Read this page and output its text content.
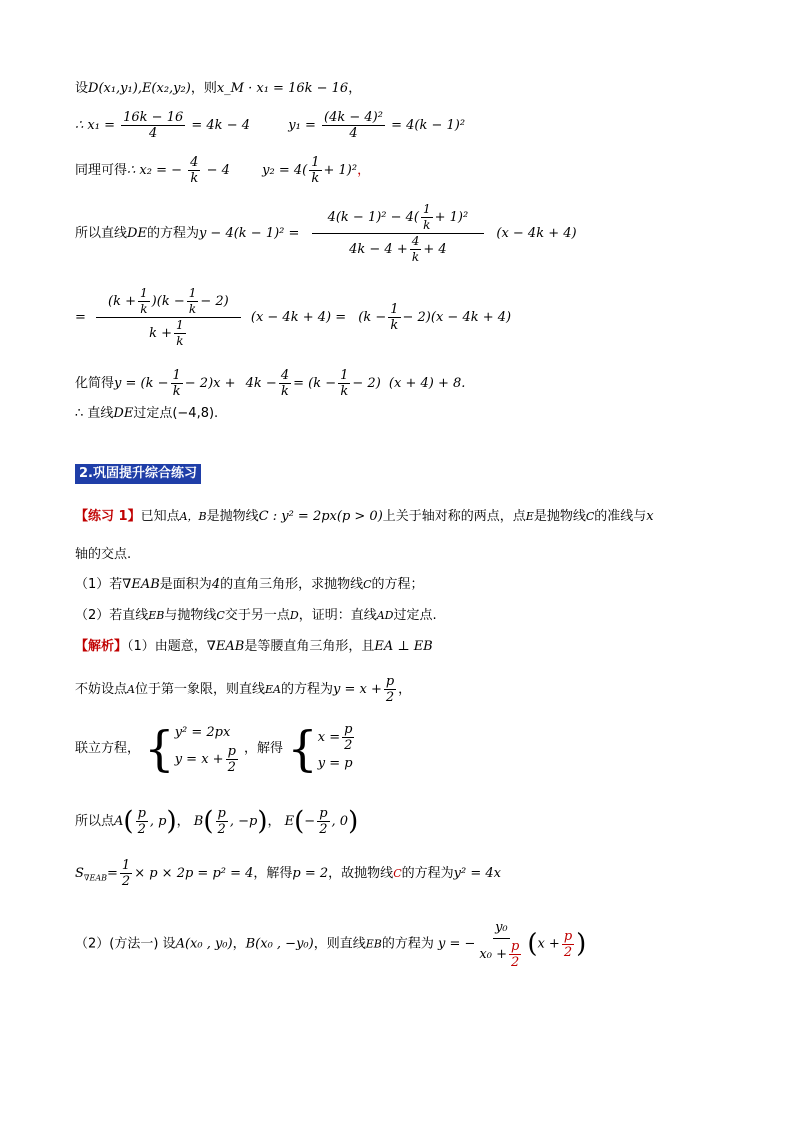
设D(x₁,y₁),E(x₂,y₂)，则x_M · x₁ = 16k − 16，
∴ $x_1 = \frac{16k - 16}{4} = 4k - 4$	$y_1 = \frac{\text{(4k − 4)²}}{4} = 4(k - 1)^2$
同理可得∴ x₂ = − $\frac{4}{k} - 4$ $y_2 = 4( \frac{1}{k} + 1)^2$，
所以直线DE的方程为$y - 4(k - 1)^2 = \frac{4(k - 1)^2 - 4( \frac{1}{k} + 1)^2}{4k - 4 + \frac{4}{k} + 4} (x - 4k + 4)$
= $\frac{(k + \frac{1}{k} )(k - \frac{1}{k} - 2)}{k + \frac{1}{k}} (x - 4k + 4) = (k - \frac{1}{k} - 2)(x - 4k + 4)$
化简得$y = (k - \frac{1}{k} - 2)x + 4k - \frac{4}{k} = (k - \frac{1}{k} - 2)$ (x + 4) + 8.
∴ 直线DE过定点(−4,8).
2.巩固提升综合练习
【练习 1】已知点A，B是抛物线C : y² = 2px(p > 0)上关于轴对称的两点，点E是抛物线C的准线与x
轴的交点.
（1）若∇EAB是面积为4的直角三角形，求抛物线C的方程；
（2）若直线EB与抛物线C交于另一点D，证明：直线AD过定点.
【解析】（1）由题意，∇EAB是等腰直角三角形，且EA ⊥ EB
不妨设点A位于第一象限，则直线EA的方程为$y = x + \frac{p}{2}$ ，
联立方程， { y² = 2px
$y = x + \frac{p}{2}$ ，解得 { $x = \frac{p}{2}$
y = p
所以点$A( \frac{p}{2}$ , p)， $B( \frac{p}{2}$ , −p)， $E(- \frac{p}{2}$ , 0)
$S_{\nabla EAB}= \frac{1}{2} \times p \times 2p = p^2 = 4$，解得p = 2，故抛物线C的方程为y² = 4x
（2）(方法一) 设A(x₀ , y₀)，B(x₀ , −y₀)，则直线EB的方程为 y = − $\frac{\text{y₀}}{x_0 + \frac{p}{2}} (x + \frac{p}{2}$ )
